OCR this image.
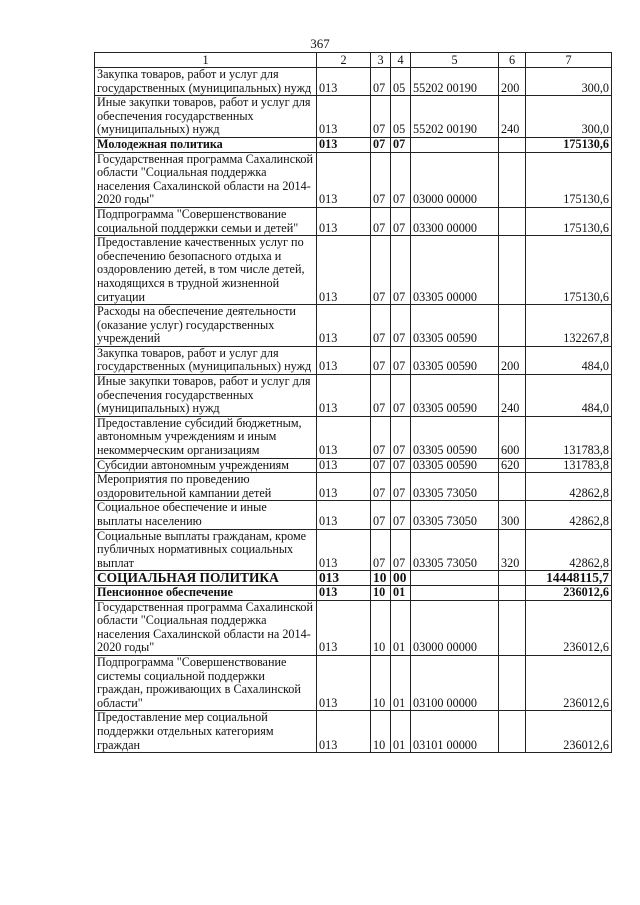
367
1	2	3	4	5	6	7
Закупка товаров, работ и услуг для государственных (муниципальных) нужд	013	07	05	55202 00190	200	300,0
Иные закупки товаров, работ и услуг для обеспечения государственных (муниципальных) нужд	013	07	05	55202 00190	240	300,0
Молодежная политика	013	07	07			175130,6
Государственная программа Сахалинской области "Социальная поддержка населения Сахалинской области на 2014-2020 годы"	013	07	07	03000 00000		175130,6
Подпрограмма "Совершенствование социальной поддержки семьи и детей"	013	07	07	03300 00000		175130,6
Предоставление качественных услуг по обеспечению безопасного отдыха и оздоровлению детей, в том числе детей, находящихся в трудной жизненной ситуации	013	07	07	03305 00000		175130,6
Расходы на обеспечение деятельности (оказание услуг) государственных учреждений	013	07	07	03305 00590		132267,8
Закупка товаров, работ и услуг для государственных (муниципальных) нужд	013	07	07	03305 00590	200	484,0
Иные закупки товаров, работ и услуг для обеспечения государственных (муниципальных) нужд	013	07	07	03305 00590	240	484,0
Предоставление субсидий бюджетным, автономным учреждениям и иным некоммерческим организациям	013	07	07	03305 00590	600	131783,8
Субсидии автономным учреждениям	013	07	07	03305 00590	620	131783,8
Мероприятия по проведению оздоровительной кампании детей	013	07	07	03305 73050		42862,8
Социальное обеспечение и иные выплаты населению	013	07	07	03305 73050	300	42862,8
Социальные выплаты гражданам, кроме публичных нормативных социальных выплат	013	07	07	03305 73050	320	42862,8
СОЦИАЛЬНАЯ ПОЛИТИКА	013	10	00			14448115,7
Пенсионное обеспечение	013	10	01			236012,6
Государственная программа Сахалинской области "Социальная поддержка населения Сахалинской области на 2014-2020 годы"	013	10	01	03000 00000		236012,6
Подпрограмма "Совершенствование системы социальной поддержки граждан, проживающих в Сахалинской области"	013	10	01	03100 00000		236012,6
Предоставление мер социальной поддержки отдельных категориям граждан	013	10	01	03101 00000		236012,6
